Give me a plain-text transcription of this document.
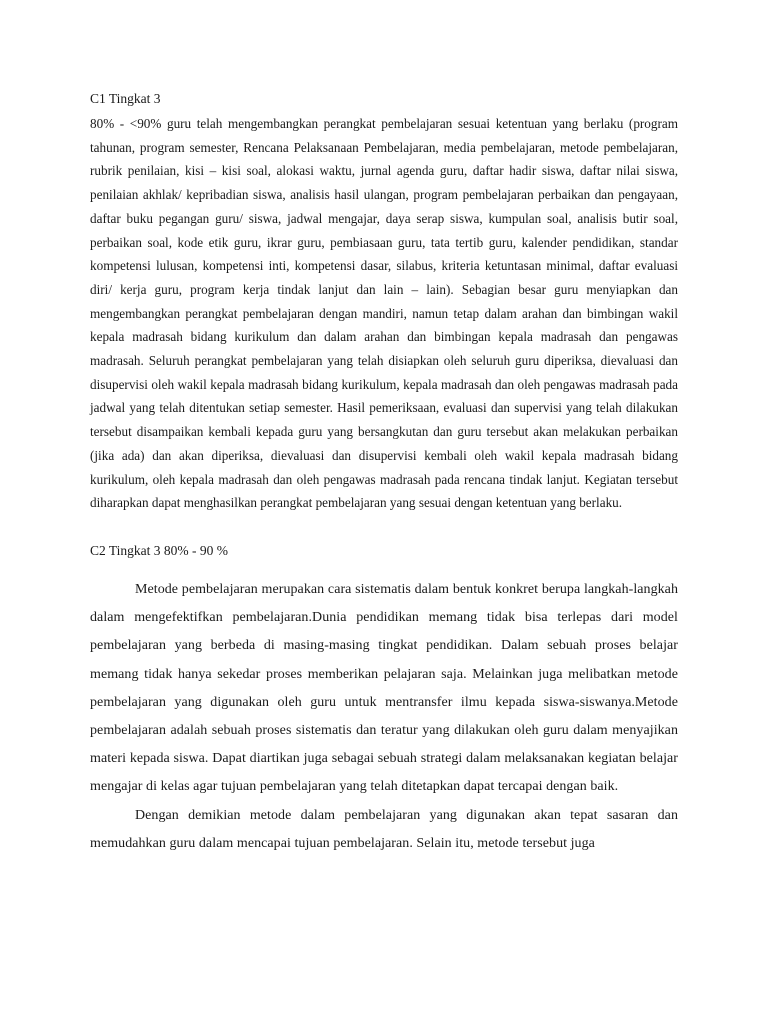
C1 Tingkat 3

80% - <90% guru telah mengembangkan perangkat pembelajaran sesuai ketentuan yang berlaku (program tahunan, program semester, Rencana Pelaksanaan Pembelajaran, media pembelajaran, metode pembelajaran, rubrik penilaian, kisi – kisi soal, alokasi waktu, jurnal agenda guru, daftar hadir siswa, daftar nilai siswa, penilaian akhlak/ kepribadian siswa, analisis hasil ulangan, program pembelajaran perbaikan dan pengayaan, daftar buku pegangan guru/ siswa, jadwal mengajar, daya serap siswa, kumpulan soal, analisis butir soal, perbaikan soal, kode etik guru, ikrar guru, pembiasaan guru, tata tertib guru, kalender pendidikan, standar kompetensi lulusan, kompetensi inti, kompetensi dasar, silabus, kriteria ketuntasan minimal, daftar evaluasi diri/ kerja guru, program kerja tindak lanjut dan lain – lain). Sebagian besar guru menyiapkan dan mengembangkan perangkat pembelajaran dengan mandiri, namun tetap dalam arahan dan bimbingan wakil kepala madrasah bidang kurikulum dan dalam arahan dan bimbingan kepala madrasah dan pengawas madrasah. Seluruh perangkat pembelajaran yang telah disiapkan oleh seluruh guru diperiksa, dievaluasi dan disupervisi oleh wakil kepala madrasah bidang kurikulum, kepala madrasah dan oleh pengawas madrasah pada jadwal yang telah ditentukan setiap semester. Hasil pemeriksaan, evaluasi dan supervisi yang telah dilakukan tersebut disampaikan kembali kepada guru yang bersangkutan dan guru tersebut akan melakukan perbaikan (jika ada) dan akan diperiksa, dievaluasi dan disupervisi kembali oleh wakil kepala madrasah bidang kurikulum, oleh kepala madrasah dan oleh pengawas madrasah pada rencana tindak lanjut. Kegiatan tersebut diharapkan dapat menghasilkan perangkat pembelajaran yang sesuai dengan ketentuan yang berlaku.

C2 Tingkat 3 80% - 90 %

Metode pembelajaran merupakan cara sistematis dalam bentuk konkret berupa langkah-langkah dalam mengefektifkan pembelajaran.Dunia pendidikan memang tidak bisa terlepas dari model pembelajaran yang berbeda di masing-masing tingkat pendidikan. Dalam sebuah proses belajar memang tidak hanya sekedar proses memberikan pelajaran saja. Melainkan juga melibatkan metode pembelajaran yang digunakan oleh guru untuk mentransfer ilmu kepada siswa-siswanya.Metode pembelajaran adalah sebuah proses sistematis dan teratur yang dilakukan oleh guru dalam menyajikan materi kepada siswa. Dapat diartikan juga sebagai sebuah strategi dalam melaksanakan kegiatan belajar mengajar di kelas agar tujuan pembelajaran yang telah ditetapkan dapat tercapai dengan baik.

Dengan demikian metode dalam pembelajaran yang digunakan akan tepat sasaran dan memudahkan guru dalam mencapai tujuan pembelajaran. Selain itu, metode tersebut juga
